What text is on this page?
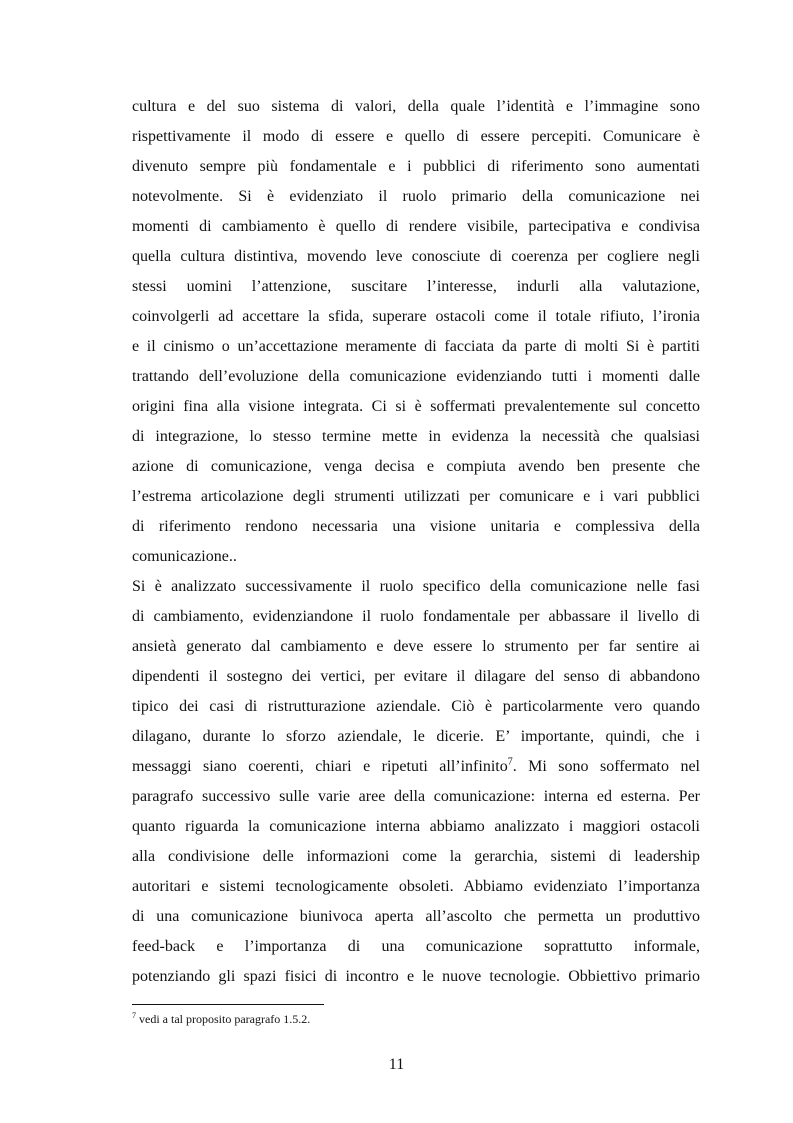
cultura e del suo sistema di valori, della quale l’identità e l’immagine sono
rispettivamente il modo di essere e quello di essere percepiti. Comunicare è
divenuto sempre più fondamentale e i pubblici di riferimento sono aumentati
notevolmente. Si è evidenziato il ruolo primario della comunicazione nei
momenti di cambiamento è quello di rendere visibile, partecipativa e condivisa
quella cultura distintiva, movendo leve conosciute di coerenza per cogliere negli
stessi uomini l’attenzione, suscitare l’interesse, indurli alla valutazione,
coinvolgerli ad accettare la sfida, superare ostacoli come il totale rifiuto, l’ironia
e il cinismo o un’accettazione meramente di facciata da parte di molti Si è partiti
trattando dell’evoluzione della comunicazione evidenziando tutti i momenti dalle
origini fina alla visione integrata. Ci si è soffermati prevalentemente sul concetto
di integrazione, lo stesso termine mette in evidenza la necessità che qualsiasi
azione di comunicazione, venga decisa e compiuta avendo ben presente che
l’estrema articolazione degli strumenti utilizzati per comunicare e i vari pubblici
di riferimento rendono necessaria una visione unitaria e complessiva della
comunicazione..
Si è analizzato successivamente il ruolo specifico della comunicazione nelle fasi
di cambiamento, evidenziandone il ruolo fondamentale per abbassare il livello di
ansietà generato dal cambiamento e deve essere lo strumento per far sentire ai
dipendenti il sostegno dei vertici, per evitare il dilagare del senso di abbandono
tipico dei casi di ristrutturazione aziendale. Ciò è particolarmente vero quando
dilagano, durante lo sforzo aziendale, le dicerie. E’ importante, quindi, che i
messaggi siano coerenti, chiari e ripetuti all’infinito$^7$. Mi sono soffermato nel
paragrafo successivo sulle varie aree della comunicazione: interna ed esterna. Per
quanto riguarda la comunicazione interna abbiamo analizzato i maggiori ostacoli
alla condivisione delle informazioni come la gerarchia, sistemi di leadership
autoritari e sistemi tecnologicamente obsoleti. Abbiamo evidenziato l’importanza
di una comunicazione biunivoca aperta all’ascolto che permetta un produttivo
feed-back e l’importanza di una comunicazione soprattutto informale,
potenziando gli spazi fisici di incontro e le nuove tecnologie. Obbiettivo primario
$^7$ vedi a tal proposito paragrafo 1.5.2.
11
